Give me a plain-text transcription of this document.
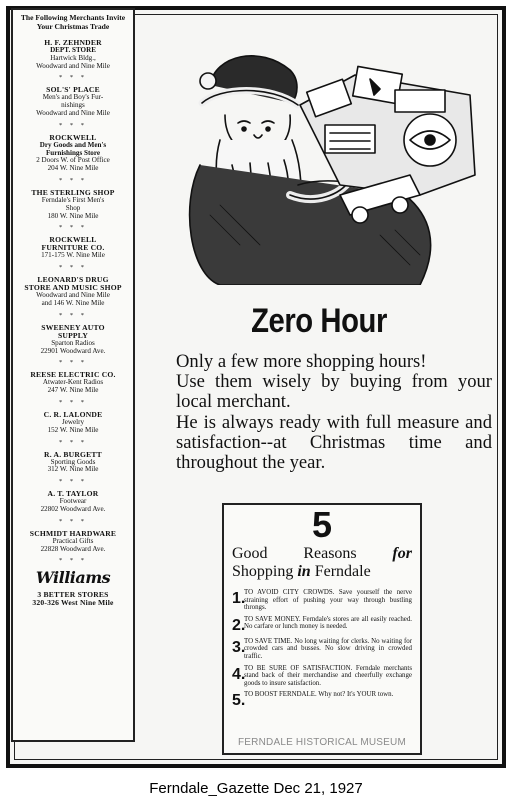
The Following Merchants Invite Your Christmas Trade
H. F. ZEHNDER
DEPT. STORE
Hartwick Bldg.,
Woodward and Nine Mile
* * *
SOL'S' PLACE
Men's and Boy's Fur-
nishings
Woodward and Nine Mile
* * *
ROCKWELL
Dry Goods and Men's
Furnishings Store
2 Doors W. of Post Office
204 W. Nine Mile
* * *
THE STERLING SHOP
Ferndale's First Men's
Shop
180 W. Nine Mile
* * *
ROCKWELL FURNITURE CO.
171-175 W. Nine Mile
* * *
LEONARD'S DRUG STORE AND MUSIC SHOP
Woodward and Nine Mile
and 146 W. Nine Mile
* * *
SWEENEY AUTO SUPPLY
Sparton Radios
22901 Woodward Ave.
* * *
REESE ELECTRIC CO.
Atwater-Kent Radios
247 W. Nine Mile
* * *
C. R. LALONDE
Jewelry
152 W. Nine Mile
* * *
R. A. BURGETT
Sporting Goods
312 W. Nine Mile
* * *
A. T. TAYLOR
Footwear
22802 Woodward Ave.
* * *
SCHMIDT HARDWARE
Practical Gifts
22828 Woodward Ave.
* * *
Williams
3 BETTER STORES
320-326 West Nine Mile
Zero Hour

Only a few more shopping hours!

Use them wisely by buying from your local merchant.

He is always ready with full measure and satisfaction--at Christmas time and throughout the year.

5
Good Reasons for
Shopping in Ferndale
1.
TO AVOID CITY CROWDS. Save yourself the nerve straining effort of pushing your way through bustling throngs.
2.
TO SAVE MONEY. Ferndale's stores are all easily reached. No carfare or lunch money is needed.
3.
TO SAVE TIME. No long waiting for clerks. No waiting for crowded cars and busses. No slow driving in crowded traffic.
4.
TO BE SURE OF SATISFACTION. Ferndale merchants stand back of their merchandise and cheerfully exchange goods to insure satisfaction.
5.
TO BOOST FERNDALE. Why not? It's YOUR town.
FERNDALE HISTORICAL MUSEUM
Ferndale_Gazette Dec 21, 1927
